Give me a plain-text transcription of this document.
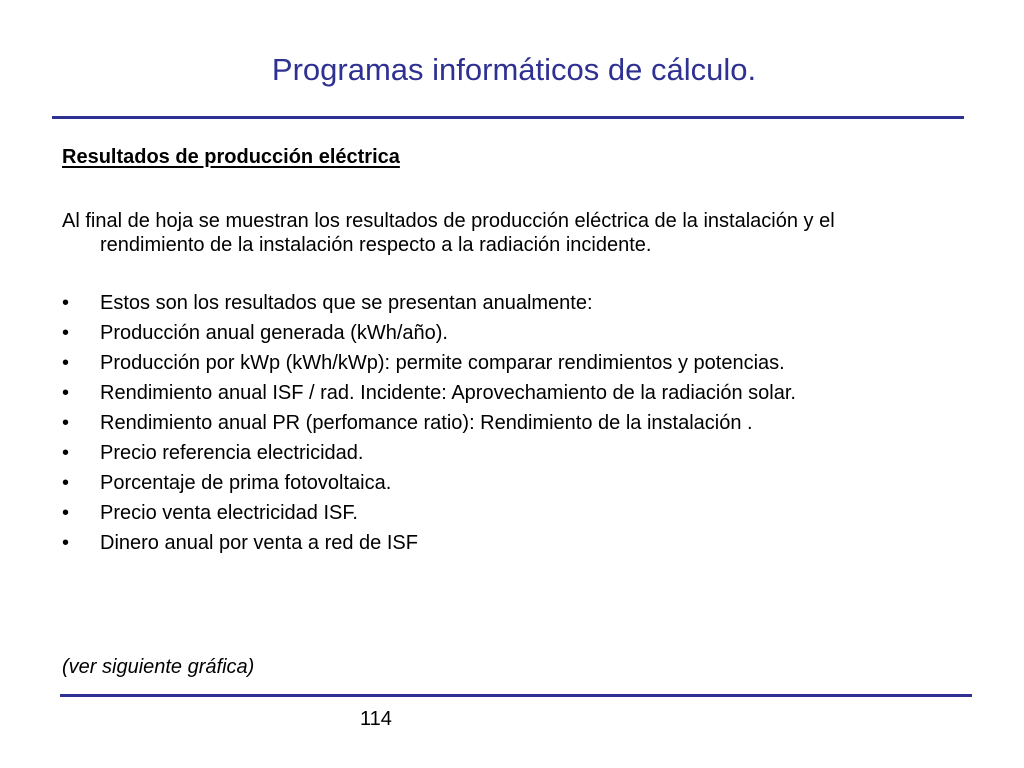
Programas informáticos de cálculo.
Resultados de producción eléctrica

Al final de hoja se muestran los resultados de producción eléctrica de la instalación y el rendimiento de la instalación respecto a la radiación incidente.

•	Estos son los resultados que se presentan anualmente:
•	Producción anual generada (kWh/año).
•	Producción por kWp (kWh/kWp): permite comparar rendimientos y potencias.
•	Rendimiento anual ISF / rad. Incidente: Aprovechamiento de la radiación solar.
•	Rendimiento anual PR (perfomance ratio): Rendimiento de la instalación .
•	Precio referencia electricidad.
•	Porcentaje de prima fotovoltaica.
•	Precio venta electricidad ISF.
•	Dinero anual por venta a red de ISF
(ver siguiente gráfica)
114
